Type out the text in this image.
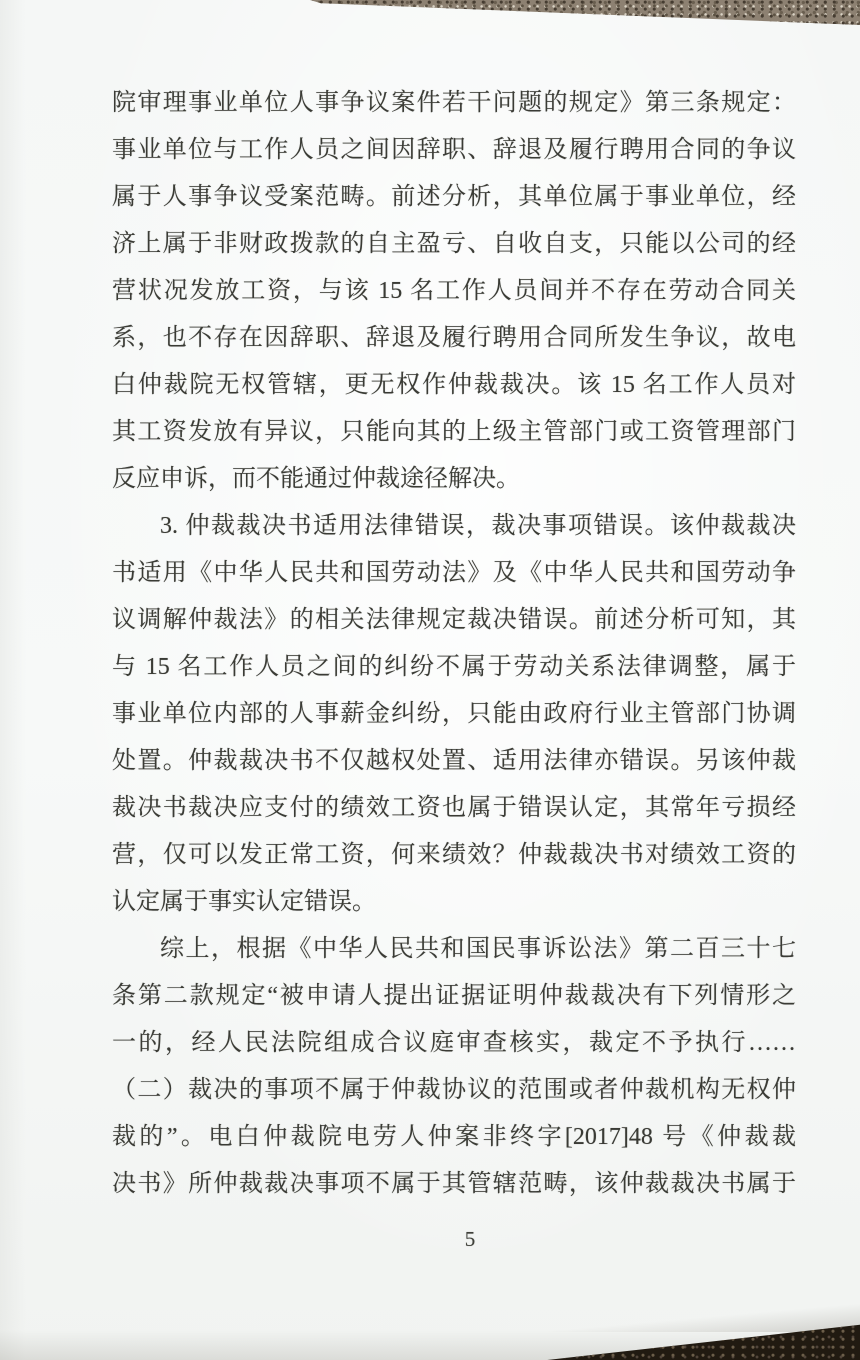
院审理事业单位人事争议案件若干问题的规定》第三条规定：
事业单位与工作人员之间因辞职、辞退及履行聘用合同的争议
属于人事争议受案范畴。前述分析，其单位属于事业单位，经
济上属于非财政拨款的自主盈亏、自收自支，只能以公司的经
营状况发放工资，与该 15 名工作人员间并不存在劳动合同关
系，也不存在因辞职、辞退及履行聘用合同所发生争议，故电
白仲裁院无权管辖，更无权作仲裁裁决。该 15 名工作人员对
其工资发放有异议，只能向其的上级主管部门或工资管理部门
反应申诉，而不能通过仲裁途径解决。
3. 仲裁裁决书适用法律错误，裁决事项错误。该仲裁裁决
书适用《中华人民共和国劳动法》及《中华人民共和国劳动争
议调解仲裁法》的相关法律规定裁决错误。前述分析可知，其
与 15 名工作人员之间的纠纷不属于劳动关系法律调整，属于
事业单位内部的人事薪金纠纷，只能由政府行业主管部门协调
处置。仲裁裁决书不仅越权处置、适用法律亦错误。另该仲裁
裁决书裁决应支付的绩效工资也属于错误认定，其常年亏损经
营，仅可以发正常工资，何来绩效？仲裁裁决书对绩效工资的
认定属于事实认定错误。
综上，根据《中华人民共和国民事诉讼法》第二百三十七
条第二款规定“被申请人提出证据证明仲裁裁决有下列情形之
一的，经人民法院组成合议庭审查核实，裁定不予执行……
（二）裁决的事项不属于仲裁协议的范围或者仲裁机构无权仲
裁的”。电白仲裁院电劳人仲案非终字[2017]48 号《仲裁裁
决书》所仲裁裁决事项不属于其管辖范畴，该仲裁裁决书属于
5
